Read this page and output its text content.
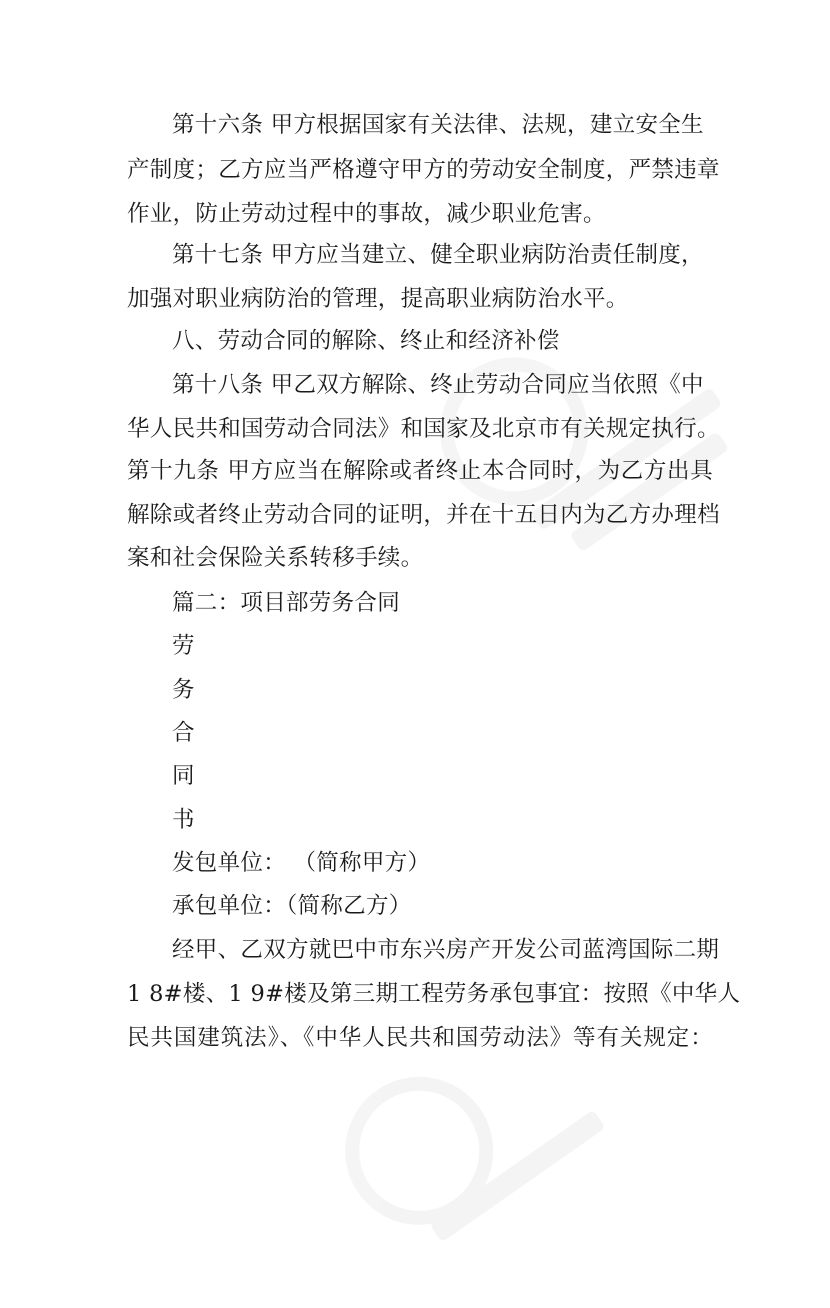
第十六条 甲方根据国家有关法律、法规，建立安全生
产制度；乙方应当严格遵守甲方的劳动安全制度，严禁违章
作业，防止劳动过程中的事故，减少职业危害。
第十七条 甲方应当建立、健全职业病防治责任制度，
加强对职业病防治的管理，提高职业病防治水平。
八、劳动合同的解除、终止和经济补偿
第十八条 甲乙双方解除、终止劳动合同应当依照《中
华人民共和国劳动合同法》和国家及北京市有关规定执行。
第十九条 甲方应当在解除或者终止本合同时，为乙方出具
解除或者终止劳动合同的证明，并在十五日内为乙方办理档
案和社会保险关系转移手续。
篇二：项目部劳务合同
劳
务
合
同
书
发包单位： （简称甲方）
承包单位：（简称乙方）
经甲、乙双方就巴中市东兴房产开发公司蓝湾国际二期
1 8#楼、1 9#楼及第三期工程劳务承包事宜：按照《中华人
民共国建筑法》、《中华人民共和国劳动法》等有关规定：
